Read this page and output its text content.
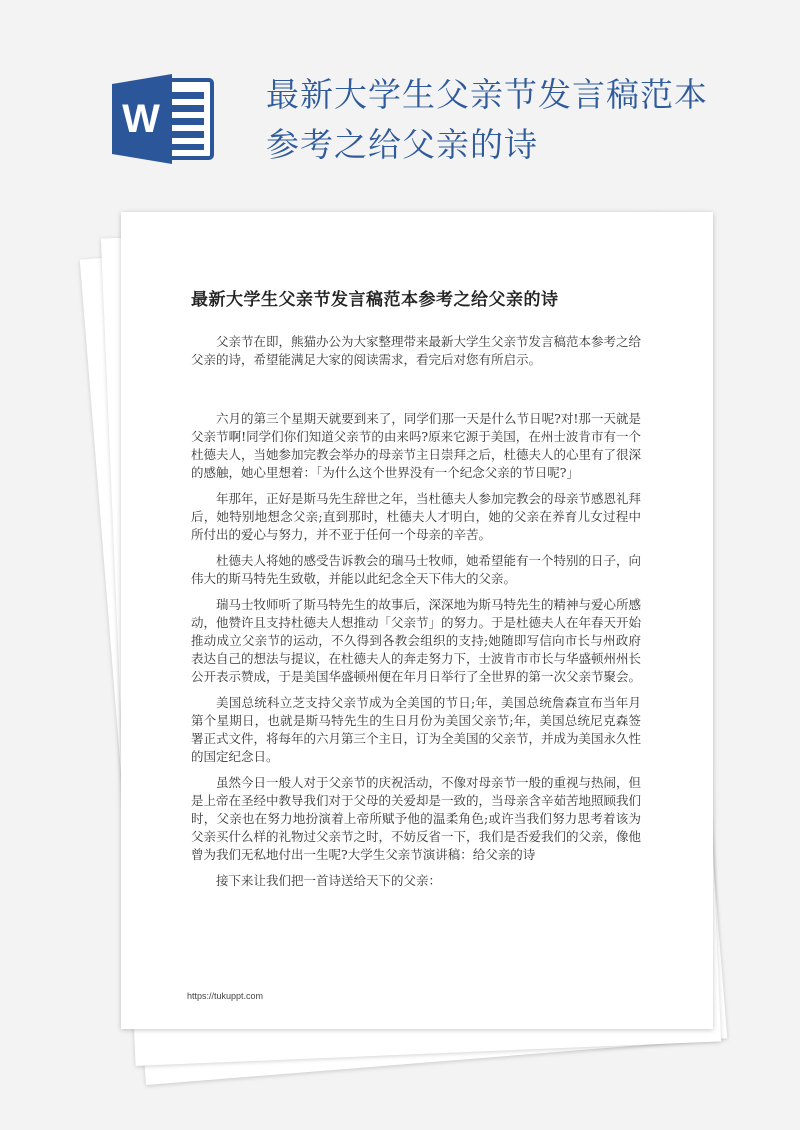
W
最新大学生父亲节发言稿范本
参考之给父亲的诗
最新大学生父亲节发言稿范本参考之给父亲的诗

父亲节在即，熊猫办公为大家整理带来最新大学生父亲节发言稿范本参考之给父亲的诗，希望能满足大家的阅读需求，看完后对您有所启示。

六月的第三个星期天就要到来了，同学们那一天是什么节日呢?对!那一天就是父亲节啊!同学们你们知道父亲节的由来吗?原来它源于美国，在州士波肯市有一个杜德夫人，当她参加完教会举办的母亲节主日崇拜之后，杜德夫人的心里有了很深的感触，她心里想着：「为什么这个世界没有一个纪念父亲的节日呢?」

年那年，正好是斯马先生辞世之年，当杜德夫人参加完教会的母亲节感恩礼拜后，她特别地想念父亲;直到那时，杜德夫人才明白，她的父亲在养育儿女过程中所付出的爱心与努力，并不亚于任何一个母亲的辛苦。

杜德夫人将她的感受告诉教会的瑞马士牧师，她希望能有一个特别的日子，向伟大的斯马特先生致敬，并能以此纪念全天下伟大的父亲。

瑞马士牧师听了斯马特先生的故事后，深深地为斯马特先生的精神与爱心所感动，他赞许且支持杜德夫人想推动「父亲节」的努力。于是杜德夫人在年春天开始推动成立父亲节的运动，不久得到各教会组织的支持;她随即写信向市长与州政府表达自己的想法与提议，在杜德夫人的奔走努力下，士波肯市市长与华盛顿州州长公开表示赞成，于是美国华盛顿州便在年月日举行了全世界的第一次父亲节聚会。

美国总统科立芝支持父亲节成为全美国的节日;年，美国总统詹森宣布当年月第个星期日，也就是斯马特先生的生日月份为美国父亲节;年，美国总统尼克森签署正式文件，将每年的六月第三个主日，订为全美国的父亲节，并成为美国永久性的国定纪念日。

虽然今日一般人对于父亲节的庆祝活动，不像对母亲节一般的重视与热闹，但是上帝在圣经中教导我们对于父母的关爱却是一致的，当母亲含辛茹苦地照顾我们时，父亲也在努力地扮演着上帝所赋予他的温柔角色;或许当我们努力思考着该为父亲买什么样的礼物过父亲节之时，不妨反省一下，我们是否爱我们的父亲，像他曾为我们无私地付出一生呢?大学生父亲节演讲稿：给父亲的诗

接下来让我们把一首诗送给天下的父亲：

https://tukuppt.com
